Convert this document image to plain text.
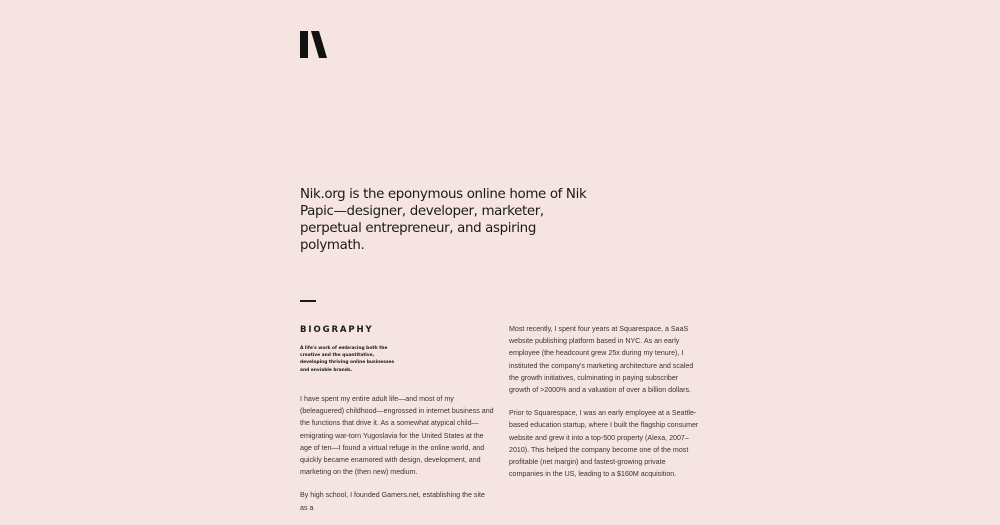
Nik.org is the eponymous online home of Nik Papic—designer, developer, marketer, perpetual entrepreneur, and aspiring polymath.

BIOGRAPHY

A life's work of embracing both the creative and the quantitative, developing thriving online businesses and enviable brands.

I have spent my entire adult life—and most of my (beleaguered) childhood—engrossed in internet business and the functions that drive it. As a somewhat atypical child—emigrating war-torn Yugoslavia for the United States at the age of ten—I found a virtual refuge in the online world, and quickly became enamored with design, development, and marketing on the (then new) medium.

By high school, I founded Gamers.net, establishing the site as a

Most recently, I spent four years at Squarespace, a SaaS website publishing platform based in NYC. As an early employee (the headcount grew 25x during my tenure), I instituted the company's marketing architecture and scaled the growth initiatives, culminating in paying subscriber growth of >2000% and a valuation of over a billion dollars.

Prior to Squarespace, I was an early employee at a Seattle-based education startup, where I built the flagship consumer website and grew it into a top-500 property (Alexa, 2007–2010). This helped the company become one of the most profitable (net margin) and fastest-growing private companies in the US, leading to a $160M acquisition.
